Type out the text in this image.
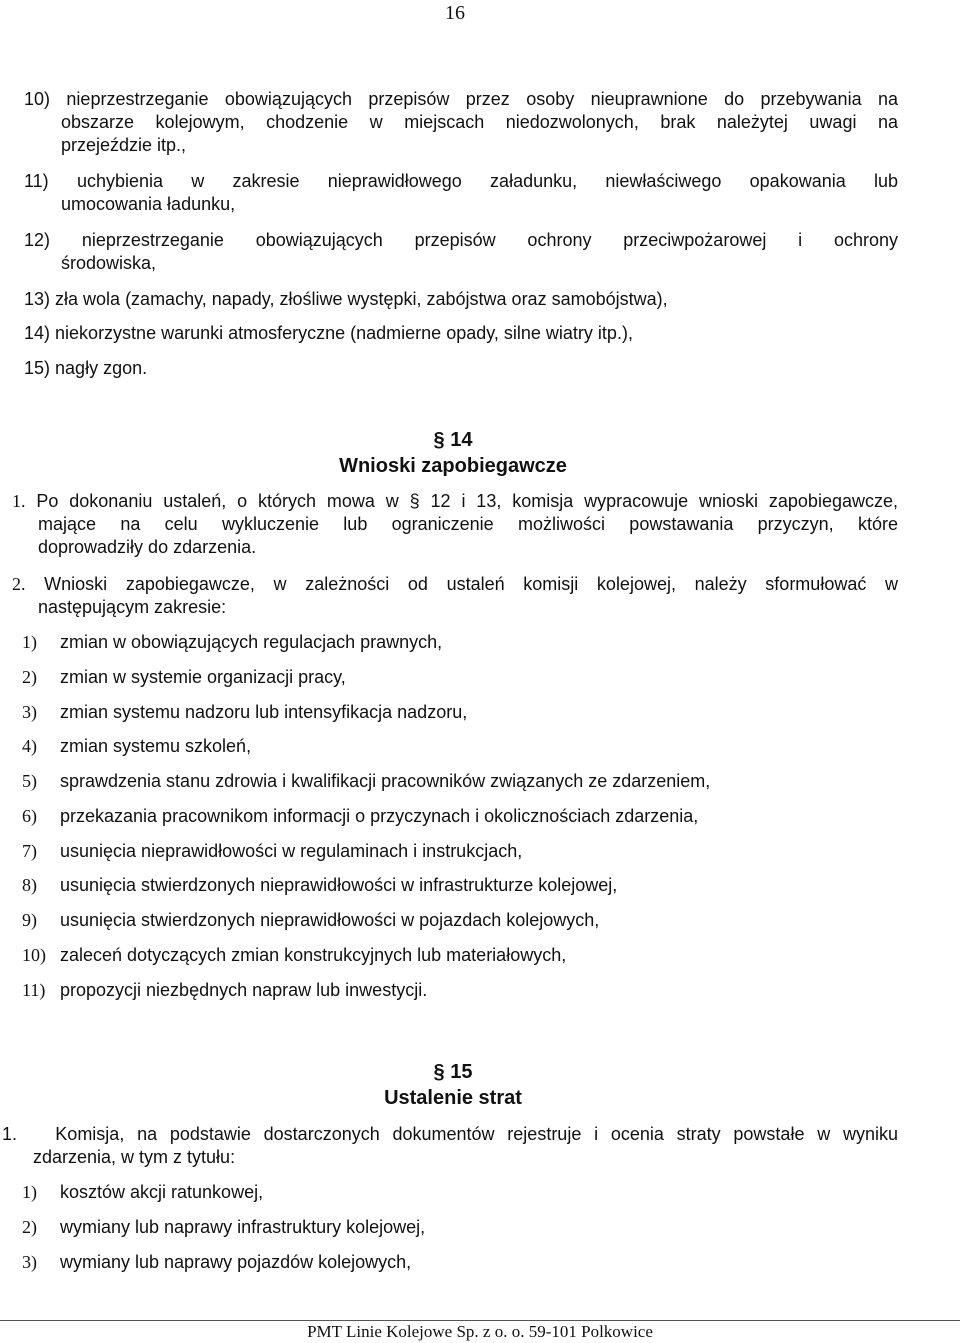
16
10) nieprzestrzeganie obowiązujących przepisów przez osoby nieuprawnione do przebywania na
obszarze kolejowym, chodzenie w miejscach niedozwolonych, brak należytej uwagi na
przejeździe itp.,
11) uchybienia w zakresie nieprawidłowego załadunku, niewłaściwego opakowania lub
umocowania ładunku,
12) nieprzestrzeganie obowiązujących przepisów ochrony przeciwpożarowej i ochrony
środowiska,
13) zła wola (zamachy, napady, złośliwe występki, zabójstwa oraz samobójstwa),
14) niekorzystne warunki atmosferyczne (nadmierne opady, silne wiatry itp.),
15) nagły zgon.
§ 14
Wnioski zapobiegawcze
1. Po dokonaniu ustaleń, o których mowa w § 12 i 13, komisja wypracowuje wnioski zapobiegawcze,
mające na celu wykluczenie lub ograniczenie możliwości powstawania przyczyn, które
doprowadziły do zdarzenia.
2. Wnioski zapobiegawcze, w zależności od ustaleń komisji kolejowej, należy sformułować w
następującym zakresie:
1) zmian w obowiązujących regulacjach prawnych,
2) zmian w systemie organizacji pracy,
3) zmian systemu nadzoru lub intensyfikacja nadzoru,
4) zmian systemu szkoleń,
5) sprawdzenia stanu zdrowia i kwalifikacji pracowników związanych ze zdarzeniem,
6) przekazania pracownikom informacji o przyczynach i okolicznościach zdarzenia,
7) usunięcia nieprawidłowości w regulaminach i instrukcjach,
8) usunięcia stwierdzonych nieprawidłowości w infrastrukturze kolejowej,
9) usunięcia stwierdzonych nieprawidłowości w pojazdach kolejowych,
10) zaleceń dotyczących zmian konstrukcyjnych lub materiałowych,
11) propozycji niezbędnych napraw lub inwestycji.
§ 15
Ustalenie strat
1. Komisja, na podstawie dostarczonych dokumentów rejestruje i ocenia straty powstałe w wyniku
zdarzenia, w tym z tytułu:
1) kosztów akcji ratunkowej,
2) wymiany lub naprawy infrastruktury kolejowej,
3) wymiany lub naprawy pojazdów kolejowych,
PMT Linie Kolejowe Sp. z o. o. 59-101 Polkowice
